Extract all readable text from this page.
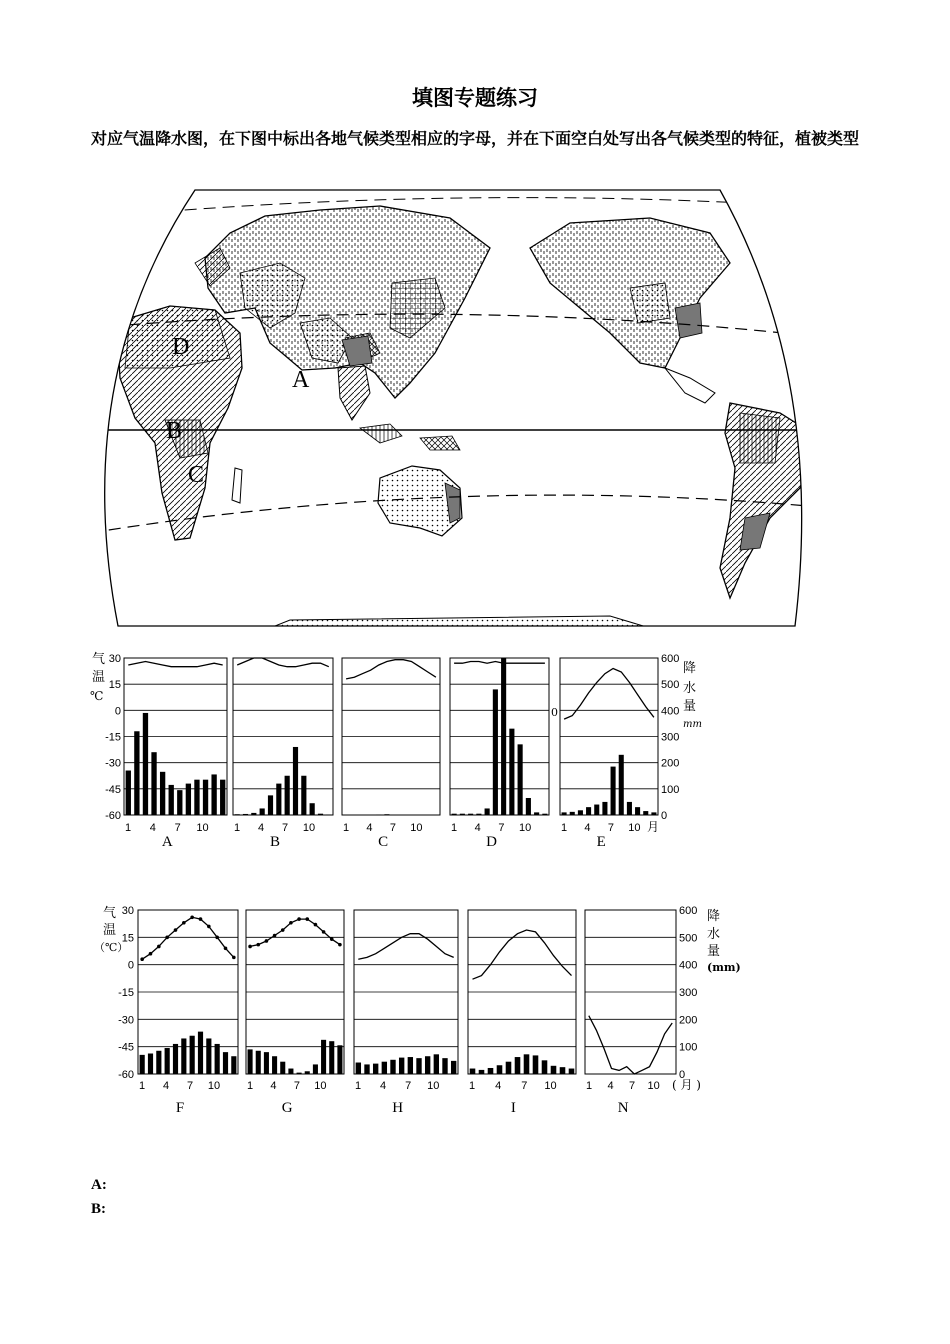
填图专题练习
对应气温降水图，在下图中标出各地气候类型相应的字母，并在下面空白处写出各气候类型的特征，植被类型
D
A
B
C
30
15
0
-15
-30
-45
-60
600
500
400
300
200
100
0
1 4 7 10
A
1 4 7 10
B
1 4 7 10
C
1 4 7 10
D
1 4 7 10
E
30
15
0
-15
-30
-45
-60
600
500
400
300
200
100
0
1 4 7 10
F
1 4 7 10
G
1 4 7 10
H
1 4 7 10
I
1 4 7 10
N
气
温
℃
降
水
量
mm
月
0
气
温
（℃）
降
水
量
(mm)
( 月 )
A:
B:
